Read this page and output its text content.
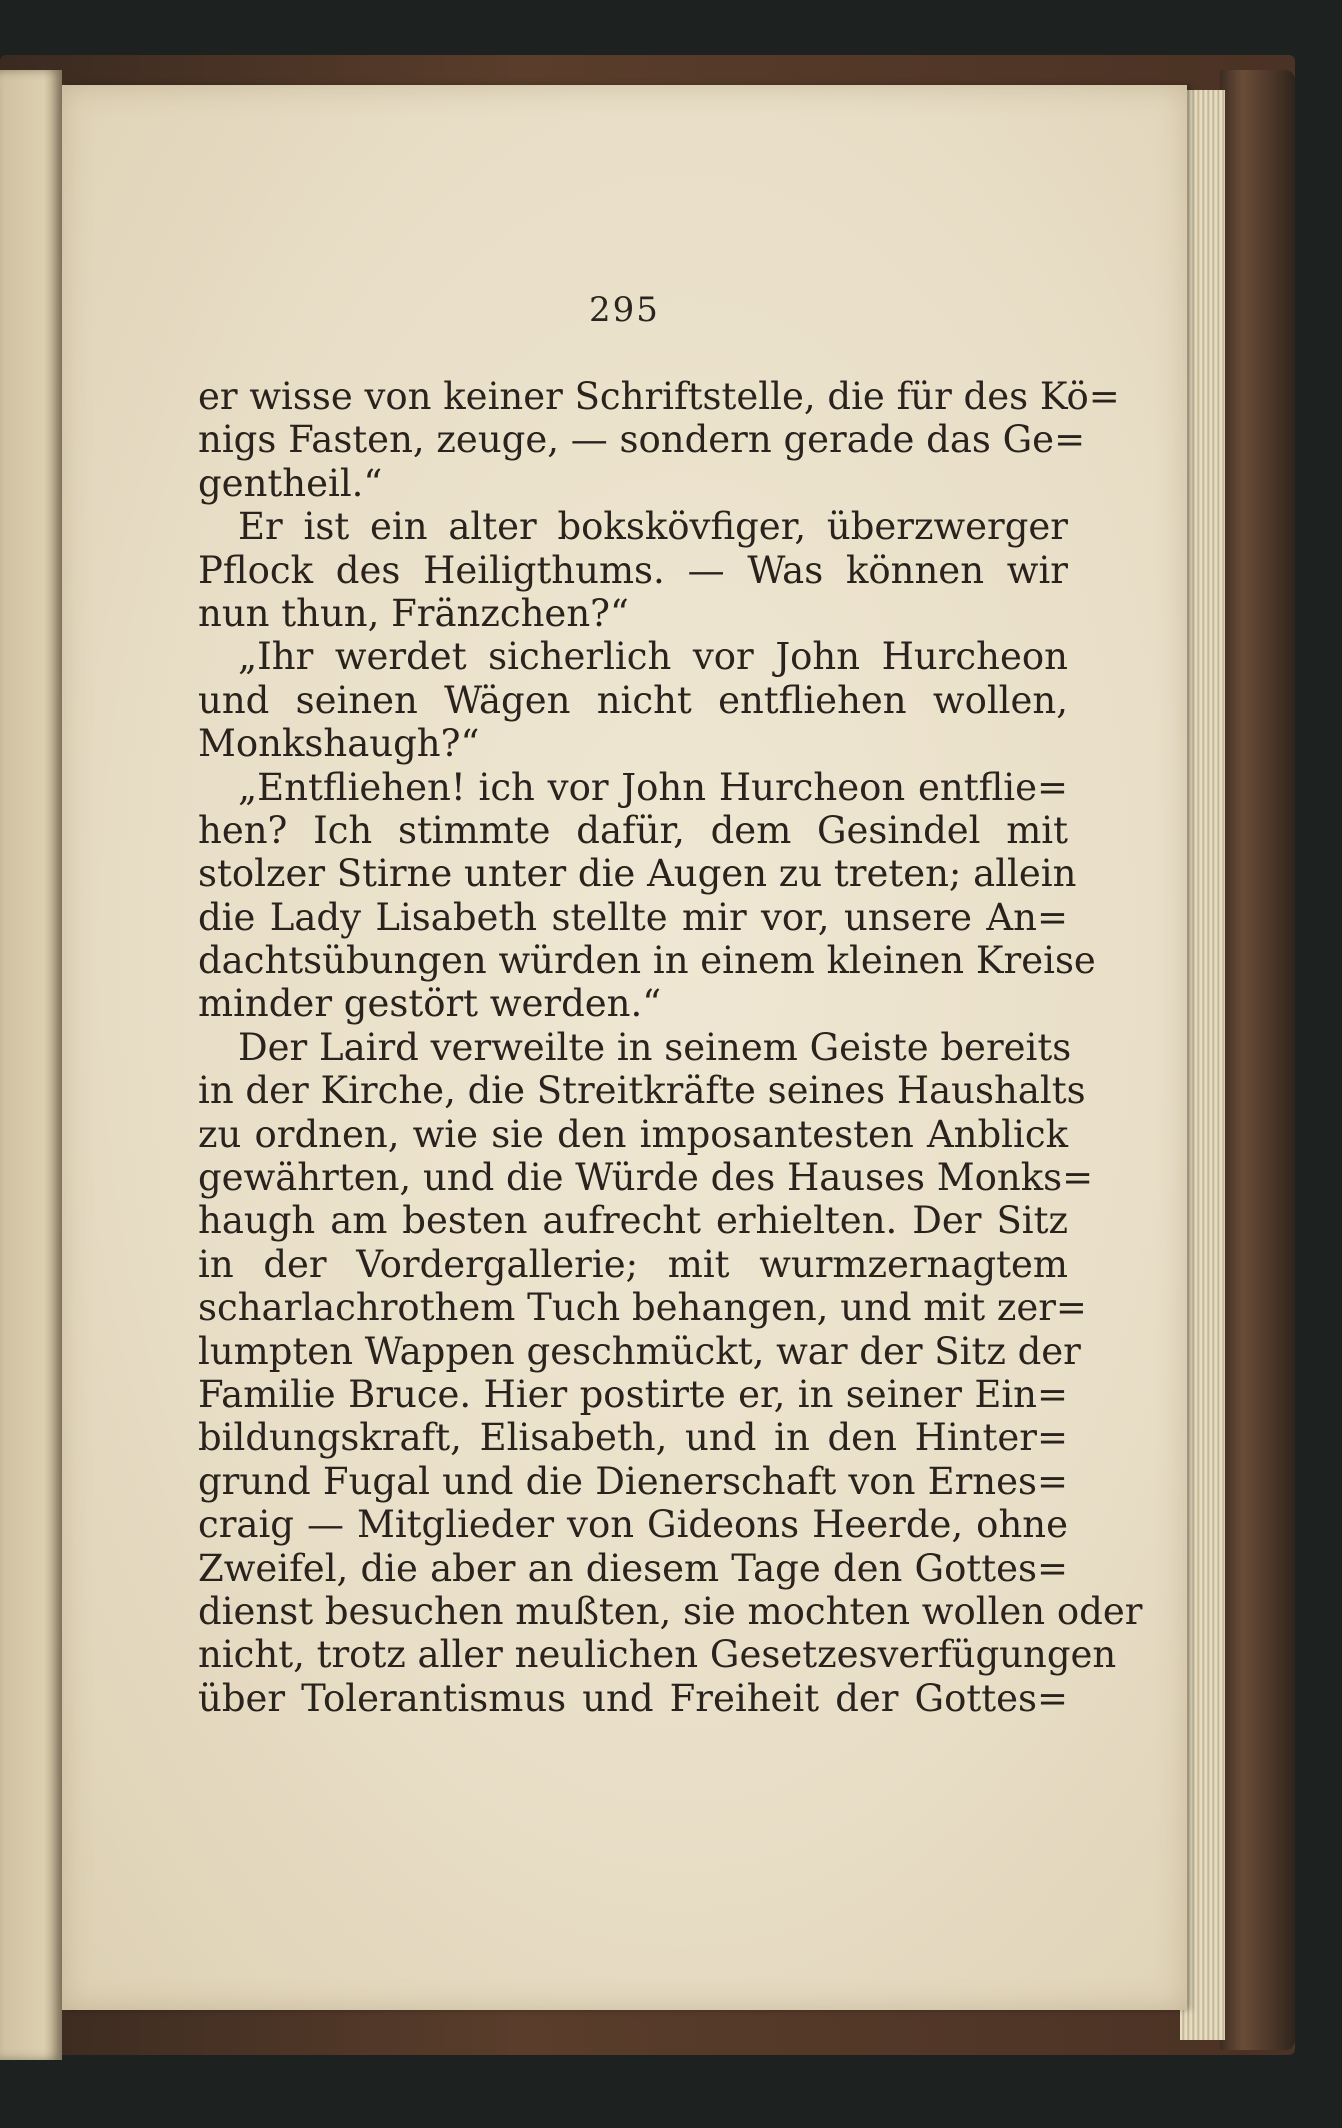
295
er wisse von keiner Schriftstelle, die für des Kö=
nigs Fasten, zeuge, — sondern gerade das Ge=
gentheil.“
Er ist ein alter bokskövfiger, überzwerger
Pflock des Heiligthums. — Was können wir
nun thun, Fränzchen?“
„Ihr werdet sicherlich vor John Hurcheon
und seinen Wägen nicht entfliehen wollen,
Monkshaugh?“
„Entfliehen! ich vor John Hurcheon entflie=
hen? Ich stimmte dafür, dem Gesindel mit
stolzer Stirne unter die Augen zu treten; allein
die Lady Lisabeth stellte mir vor, unsere An=
dachtsübungen würden in einem kleinen Kreise
minder gestört werden.“
Der Laird verweilte in seinem Geiste bereits
in der Kirche, die Streitkräfte seines Haushalts
zu ordnen, wie sie den imposantesten Anblick
gewährten, und die Würde des Hauses Monks=
haugh am besten aufrecht erhielten. Der Sitz
in der Vordergallerie; mit wurmzernagtem
scharlachrothem Tuch behangen, und mit zer=
lumpten Wappen geschmückt, war der Sitz der
Familie Bruce. Hier postirte er, in seiner Ein=
bildungskraft, Elisabeth, und in den Hinter=
grund Fugal und die Dienerschaft von Ernes=
craig — Mitglieder von Gideons Heerde, ohne
Zweifel, die aber an diesem Tage den Gottes=
dienst besuchen mußten, sie mochten wollen oder
nicht, trotz aller neulichen Gesetzesverfügungen
über Tolerantismus und Freiheit der Gottes=
